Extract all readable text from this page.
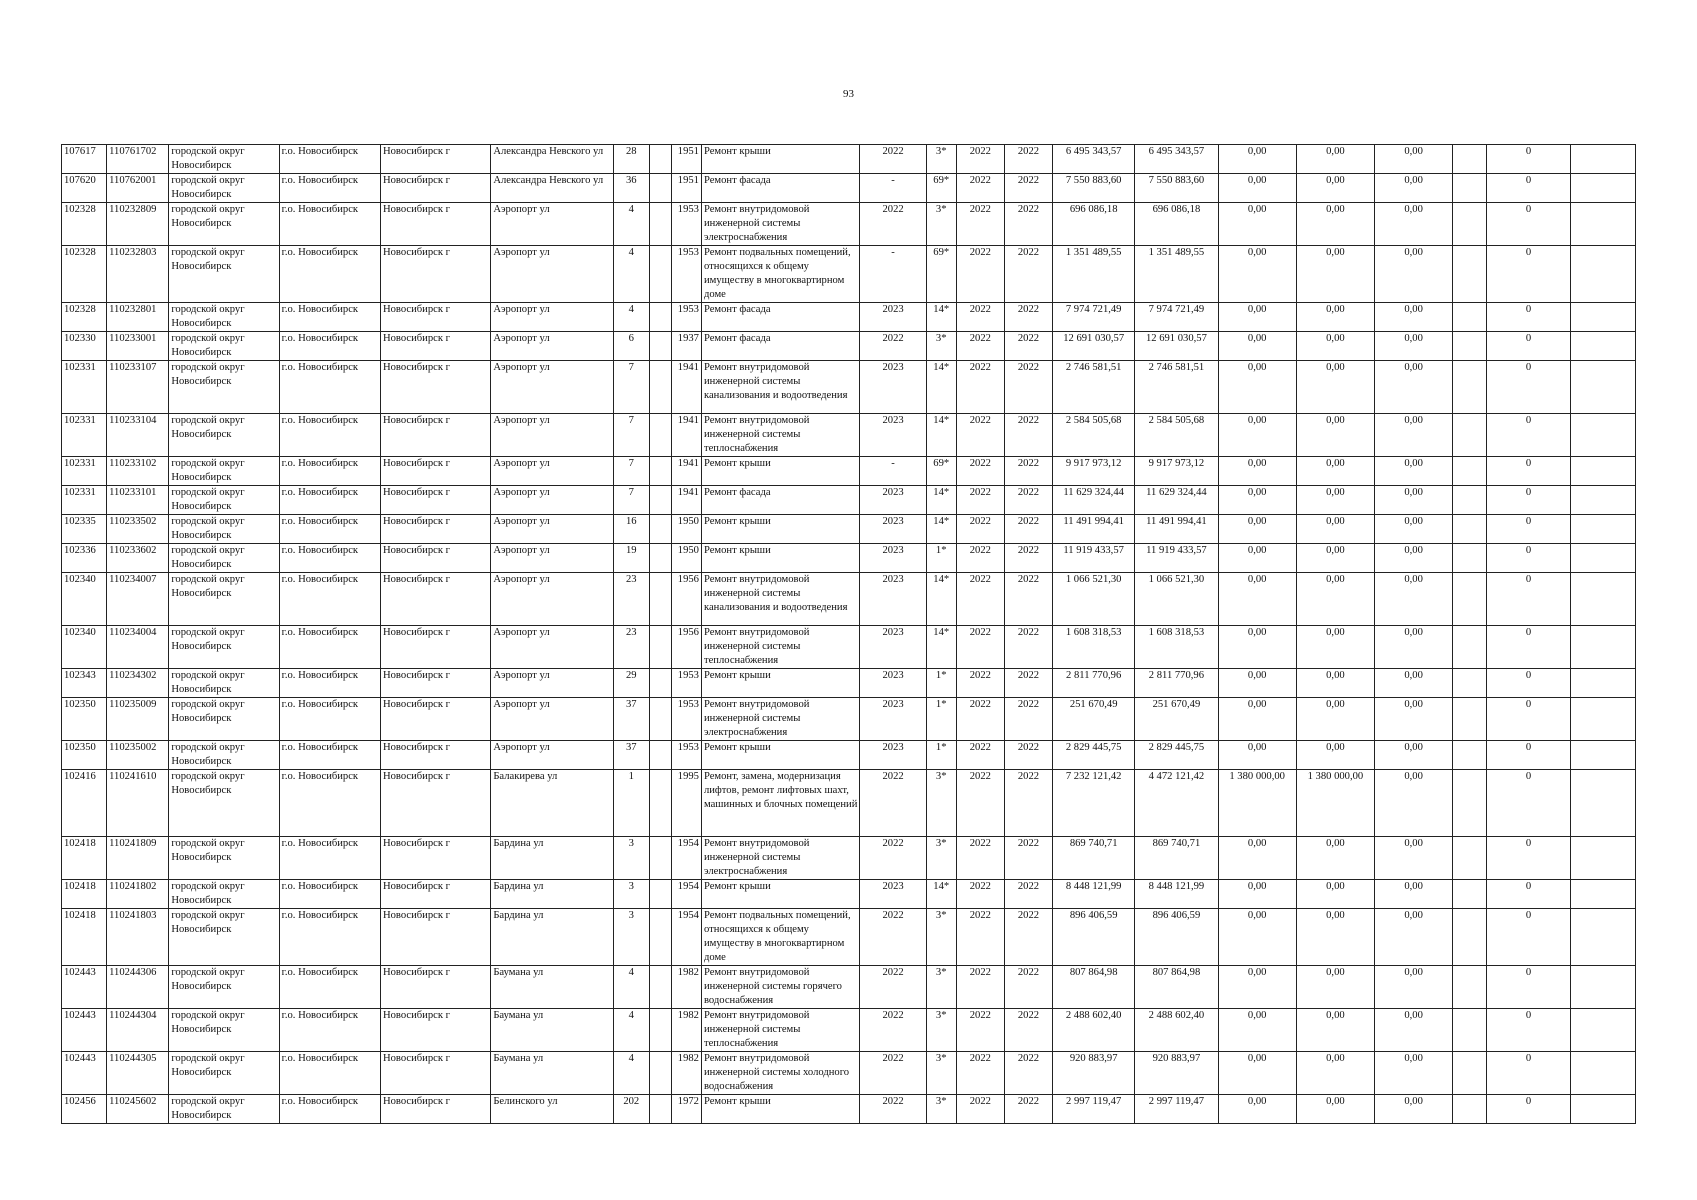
93
107617	110761702	городской округ Новосибирск	г.о. Новосибирск	Новосибирск г	Александра Невского ул	28		1951	Ремонт крыши	2022	3*	2022	2022	6 495 343,57	6 495 343,57	0,00	0,00	0,00		0	
107620	110762001	городской округ Новосибирск	г.о. Новосибирск	Новосибирск г	Александра Невского ул	36		1951	Ремонт фасада	-	69*	2022	2022	7 550 883,60	7 550 883,60	0,00	0,00	0,00		0	
102328	110232809	городской округ Новосибирск	г.о. Новосибирск	Новосибирск г	Аэропорт ул	4		1953	Ремонт внутридомовой инженерной системы электроснабжения	2022	3*	2022	2022	696 086,18	696 086,18	0,00	0,00	0,00		0	
102328	110232803	городской округ Новосибирск	г.о. Новосибирск	Новосибирск г	Аэропорт ул	4		1953	Ремонт подвальных помещений, относящихся к общему имуществу в многоквартирном доме	-	69*	2022	2022	1 351 489,55	1 351 489,55	0,00	0,00	0,00		0	
102328	110232801	городской округ Новосибирск	г.о. Новосибирск	Новосибирск г	Аэропорт ул	4		1953	Ремонт фасада	2023	14*	2022	2022	7 974 721,49	7 974 721,49	0,00	0,00	0,00		0	
102330	110233001	городской округ Новосибирск	г.о. Новосибирск	Новосибирск г	Аэропорт ул	6		1937	Ремонт фасада	2022	3*	2022	2022	12 691 030,57	12 691 030,57	0,00	0,00	0,00		0	
102331	110233107	городской округ Новосибирск	г.о. Новосибирск	Новосибирск г	Аэропорт ул	7		1941	Ремонт внутридомовой инженерной системы канализования и водоотведения	2023	14*	2022	2022	2 746 581,51	2 746 581,51	0,00	0,00	0,00		0	
102331	110233104	городской округ Новосибирск	г.о. Новосибирск	Новосибирск г	Аэропорт ул	7		1941	Ремонт внутридомовой инженерной системы теплоснабжения	2023	14*	2022	2022	2 584 505,68	2 584 505,68	0,00	0,00	0,00		0	
102331	110233102	городской округ Новосибирск	г.о. Новосибирск	Новосибирск г	Аэропорт ул	7		1941	Ремонт крыши	-	69*	2022	2022	9 917 973,12	9 917 973,12	0,00	0,00	0,00		0	
102331	110233101	городской округ Новосибирск	г.о. Новосибирск	Новосибирск г	Аэропорт ул	7		1941	Ремонт фасада	2023	14*	2022	2022	11 629 324,44	11 629 324,44	0,00	0,00	0,00		0	
102335	110233502	городской округ Новосибирск	г.о. Новосибирск	Новосибирск г	Аэропорт ул	16		1950	Ремонт крыши	2023	14*	2022	2022	11 491 994,41	11 491 994,41	0,00	0,00	0,00		0	
102336	110233602	городской округ Новосибирск	г.о. Новосибирск	Новосибирск г	Аэропорт ул	19		1950	Ремонт крыши	2023	1*	2022	2022	11 919 433,57	11 919 433,57	0,00	0,00	0,00		0	
102340	110234007	городской округ Новосибирск	г.о. Новосибирск	Новосибирск г	Аэропорт ул	23		1956	Ремонт внутридомовой инженерной системы канализования и водоотведения	2023	14*	2022	2022	1 066 521,30	1 066 521,30	0,00	0,00	0,00		0	
102340	110234004	городской округ Новосибирск	г.о. Новосибирск	Новосибирск г	Аэропорт ул	23		1956	Ремонт внутридомовой инженерной системы теплоснабжения	2023	14*	2022	2022	1 608 318,53	1 608 318,53	0,00	0,00	0,00		0	
102343	110234302	городской округ Новосибирск	г.о. Новосибирск	Новосибирск г	Аэропорт ул	29		1953	Ремонт крыши	2023	1*	2022	2022	2 811 770,96	2 811 770,96	0,00	0,00	0,00		0	
102350	110235009	городской округ Новосибирск	г.о. Новосибирск	Новосибирск г	Аэропорт ул	37		1953	Ремонт внутридомовой инженерной системы электроснабжения	2023	1*	2022	2022	251 670,49	251 670,49	0,00	0,00	0,00		0	
102350	110235002	городской округ Новосибирск	г.о. Новосибирск	Новосибирск г	Аэропорт ул	37		1953	Ремонт крыши	2023	1*	2022	2022	2 829 445,75	2 829 445,75	0,00	0,00	0,00		0	
102416	110241610	городской округ Новосибирск	г.о. Новосибирск	Новосибирск г	Балакирева ул	1		1995	Ремонт, замена, модернизация лифтов, ремонт лифтовых шахт, машинных и блочных помещений	2022	3*	2022	2022	7 232 121,42	4 472 121,42	1 380 000,00	1 380 000,00	0,00		0	
102418	110241809	городской округ Новосибирск	г.о. Новосибирск	Новосибирск г	Бардина ул	3		1954	Ремонт внутридомовой инженерной системы электроснабжения	2022	3*	2022	2022	869 740,71	869 740,71	0,00	0,00	0,00		0	
102418	110241802	городской округ Новосибирск	г.о. Новосибирск	Новосибирск г	Бардина ул	3		1954	Ремонт крыши	2023	14*	2022	2022	8 448 121,99	8 448 121,99	0,00	0,00	0,00		0	
102418	110241803	городской округ Новосибирск	г.о. Новосибирск	Новосибирск г	Бардина ул	3		1954	Ремонт подвальных помещений, относящихся к общему имуществу в многоквартирном доме	2022	3*	2022	2022	896 406,59	896 406,59	0,00	0,00	0,00		0	
102443	110244306	городской округ Новосибирск	г.о. Новосибирск	Новосибирск г	Баумана ул	4		1982	Ремонт внутридомовой инженерной системы горячего водоснабжения	2022	3*	2022	2022	807 864,98	807 864,98	0,00	0,00	0,00		0	
102443	110244304	городской округ Новосибирск	г.о. Новосибирск	Новосибирск г	Баумана ул	4		1982	Ремонт внутридомовой инженерной системы теплоснабжения	2022	3*	2022	2022	2 488 602,40	2 488 602,40	0,00	0,00	0,00		0	
102443	110244305	городской округ Новосибирск	г.о. Новосибирск	Новосибирск г	Баумана ул	4		1982	Ремонт внутридомовой инженерной системы холодного водоснабжения	2022	3*	2022	2022	920 883,97	920 883,97	0,00	0,00	0,00		0	
102456	110245602	городской округ Новосибирск	г.о. Новосибирск	Новосибирск г	Белинского ул	202		1972	Ремонт крыши	2022	3*	2022	2022	2 997 119,47	2 997 119,47	0,00	0,00	0,00		0	
